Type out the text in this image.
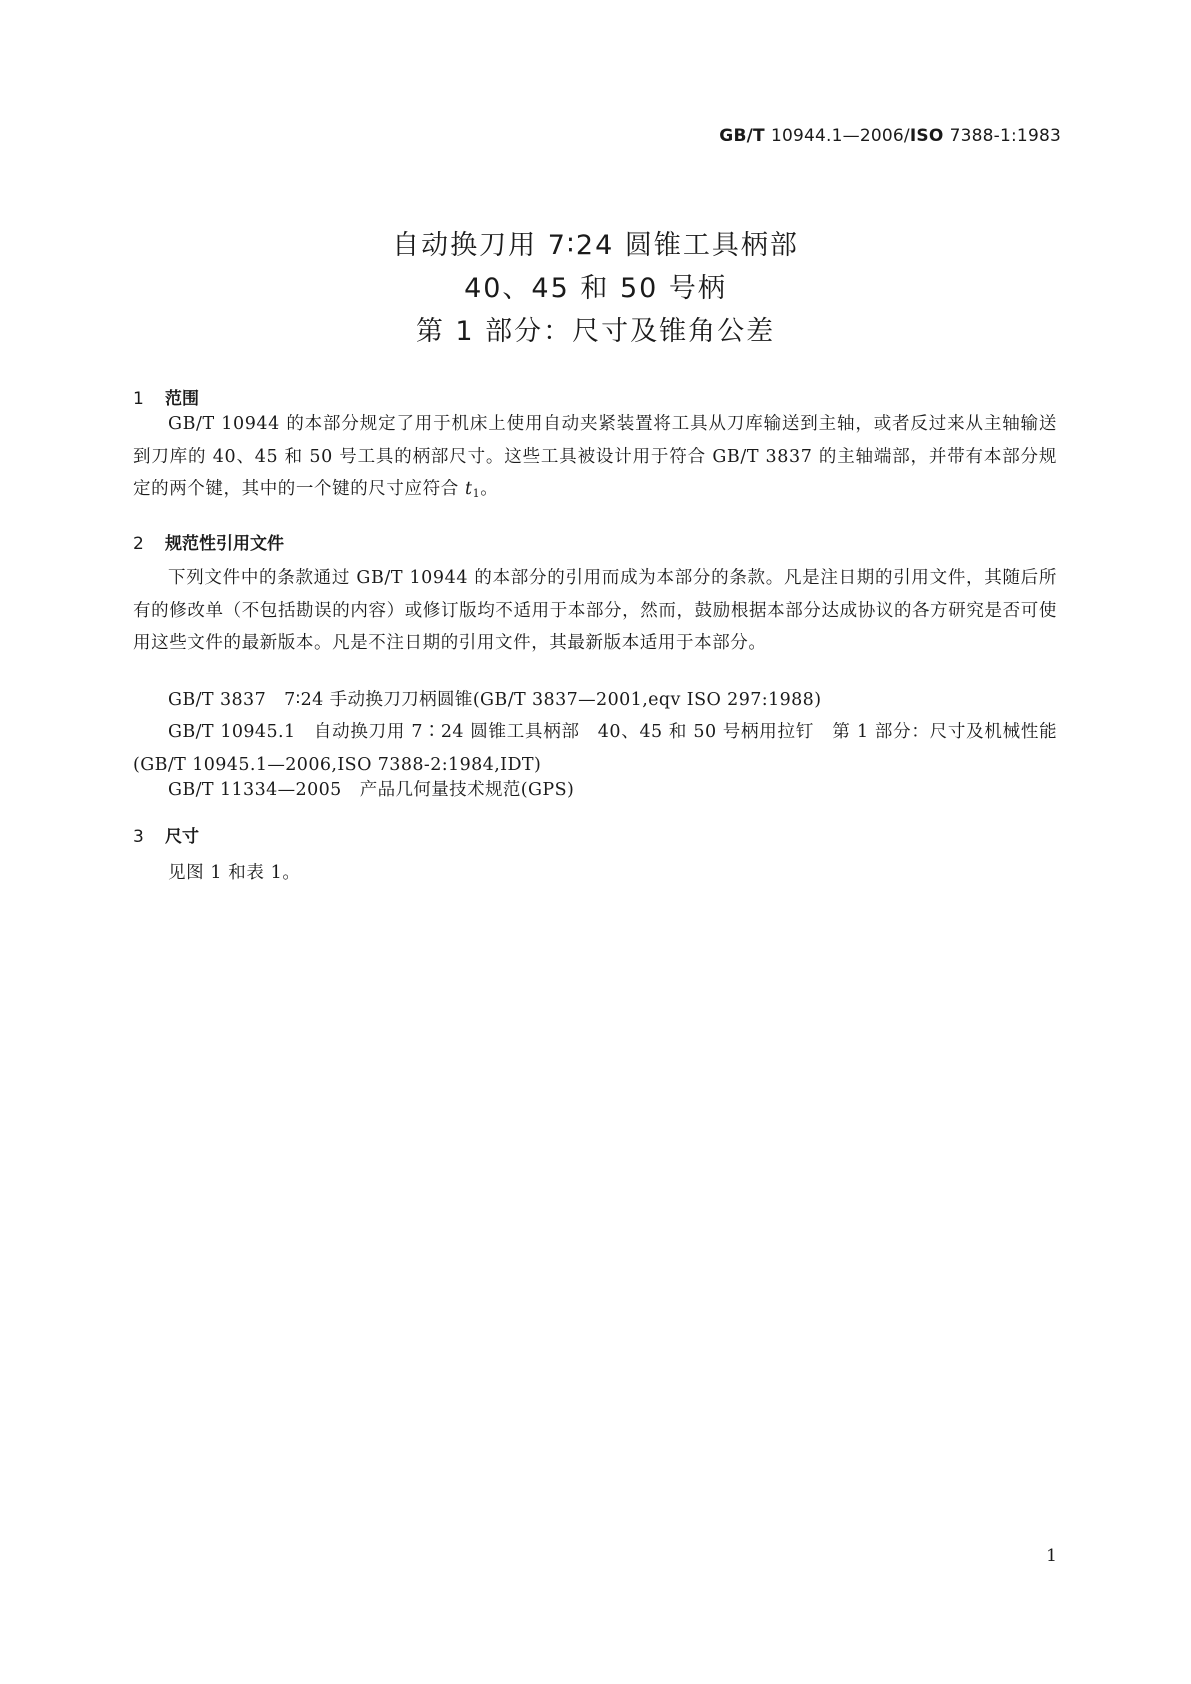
GB/T 10944.1—2006/ISO 7388-1:1983
自动换刀用 7∶24 圆锥工具柄部
40、45 和 50 号柄
第 1 部分：尺寸及锥角公差
1 范围

GB/T 10944 的本部分规定了用于机床上使用自动夹紧装置将工具从刀库输送到主轴，或者反过来从主轴输送到刀库的 40、45 和 50 号工具的柄部尺寸。这些工具被设计用于符合 GB/T 3837 的主轴端部，并带有本部分规定的两个键，其中的一个键的尺寸应符合 $t_1$。

2 规范性引用文件

下列文件中的条款通过 GB/T 10944 的本部分的引用而成为本部分的条款。凡是注日期的引用文件，其随后所有的修改单（不包括勘误的内容）或修订版均不适用于本部分，然而，鼓励根据本部分达成协议的各方研究是否可使用这些文件的最新版本。凡是不注日期的引用文件，其最新版本适用于本部分。

GB/T 3837 7∶24 手动换刀刀柄圆锥(GB/T 3837—2001,eqv ISO 297:1988)

GB/T 10945.1 自动换刀用 7∶24 圆锥工具柄部 40、45 和 50 号柄用拉钉 第 1 部分：尺寸及机械性能(GB/T 10945.1—2006,ISO 7388-2:1984,IDT)

GB/T 11334—2005 产品几何量技术规范(GPS)

3 尺寸

见图 1 和表 1。

1
